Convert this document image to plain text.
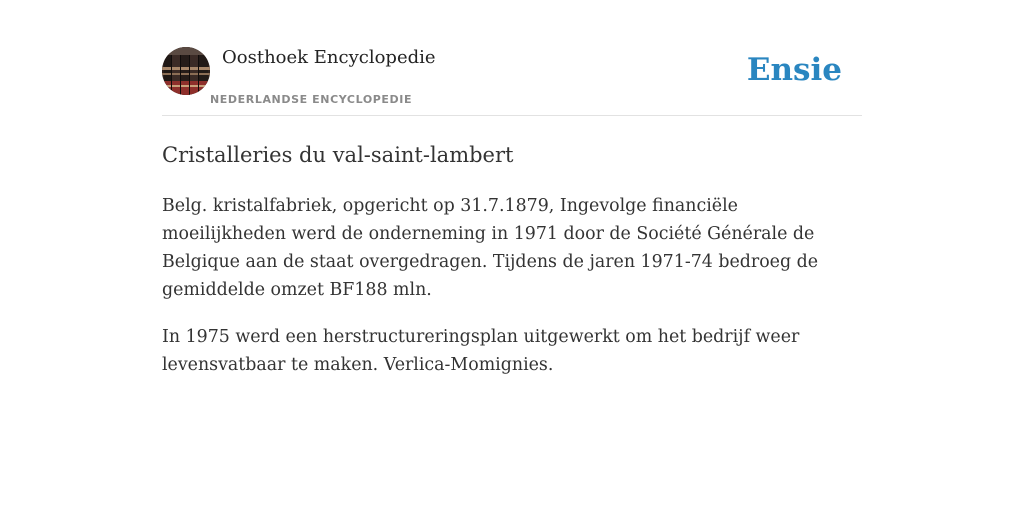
Oosthoek Encyclopedie
NEDERLANDSE ENCYCLOPEDIE
Ensie
Cristalleries du val-saint-lambert

Belg. kristalfabriek, opgericht op 31.7.1879, Ingevolge financiële moeilijkheden werd de onderneming in 1971 door de Société Générale de Belgique aan de staat overgedragen. Tijdens de jaren 1971-74 bedroeg de gemiddelde omzet BF188 mln.

In 1975 werd een herstructureringsplan uitgewerkt om het bedrijf weer levensvatbaar te maken. Verlica-Momignies.
